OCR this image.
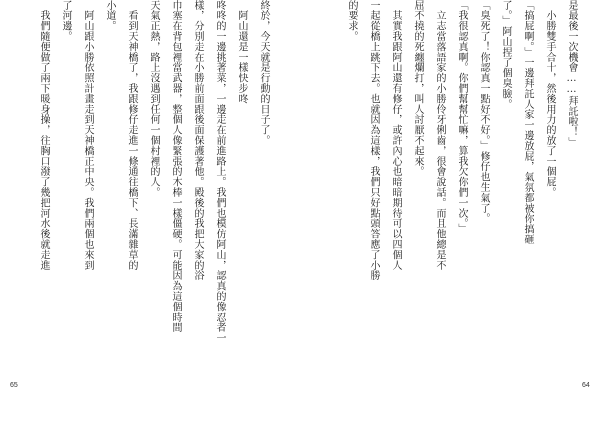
終於，今天就是行動的日子了。
　阿山還是一樣快步咚
咚咚的一邊挑著菜，一邊走在前進路上。我們也模仿阿山，認真的像忍者一
樣，分別走在小勝前面跟後面保護著他。殿後的我把大家的浴
巾塞在背包裡當武器，整個人像緊張的木棒一樣僵硬。可能因為這個時間
天氣正熱，路上沒遇到任何一個村裡的人。
　看到天神橋了，我跟修仔走進一條通往橋下、長滿雜草的
小道。
　阿山跟小勝依照計畫走到天神橋正中央。我們兩個也來到
了河邊。
　我們隨便做了兩下暖身操，往胸口潑了幾把河水後就走進
65
是最後一次機會……拜託啦！」
　小勝雙手合十，然後用力的放了一個屁。
「搞屁啊。」一邊拜託人家一邊放屁，氣氛都被你搞砸
了。」阿山捏了個臭臉。
「臭死了！你認真一點好不好。」修仔也生氣了。
「我很認真啊。你們幫幫忙嘛，算我欠你們一次。」
　立志當落語家的小勝伶牙俐齒，很會說話。而且他總是不
屈不撓的死纏爛打，叫人討厭不起來。
　其實我跟阿山還有修仔，或許內心也暗暗期待可以四個人
一起從橋上跳下去。也就因為這樣，我們只好點頭答應了小勝
的要求。
64
